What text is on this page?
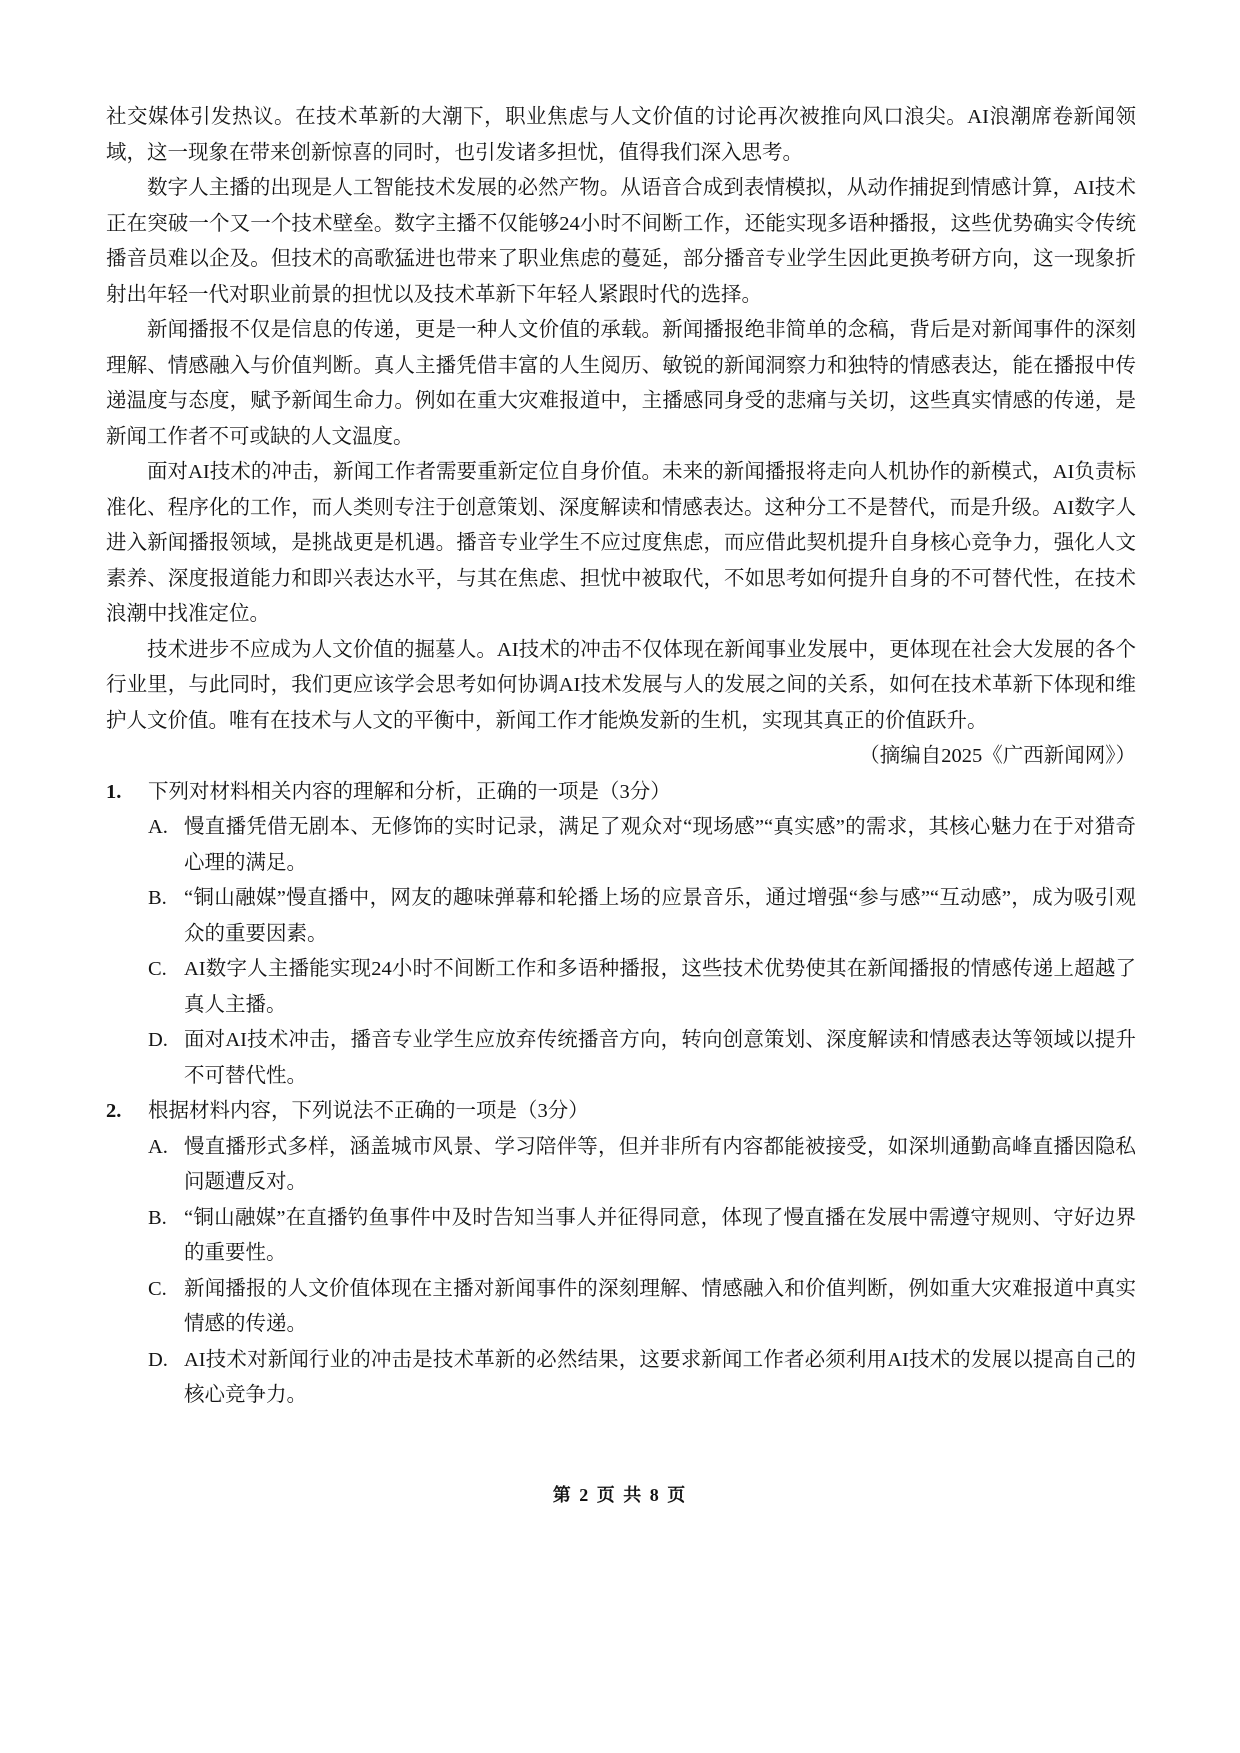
社交媒体引发热议。在技术革新的大潮下，职业焦虑与人文价值的讨论再次被推向风口浪尖。AI浪潮席卷新闻领域，这一现象在带来创新惊喜的同时，也引发诸多担忧，值得我们深入思考。

数字人主播的出现是人工智能技术发展的必然产物。从语音合成到表情模拟，从动作捕捉到情感计算，AI技术正在突破一个又一个技术壁垒。数字主播不仅能够24小时不间断工作，还能实现多语种播报，这些优势确实令传统播音员难以企及。但技术的高歌猛进也带来了职业焦虑的蔓延，部分播音专业学生因此更换考研方向，这一现象折射出年轻一代对职业前景的担忧以及技术革新下年轻人紧跟时代的选择。

新闻播报不仅是信息的传递，更是一种人文价值的承载。新闻播报绝非简单的念稿，背后是对新闻事件的深刻理解、情感融入与价值判断。真人主播凭借丰富的人生阅历、敏锐的新闻洞察力和独特的情感表达，能在播报中传递温度与态度，赋予新闻生命力。例如在重大灾难报道中，主播感同身受的悲痛与关切，这些真实情感的传递，是新闻工作者不可或缺的人文温度。

面对AI技术的冲击，新闻工作者需要重新定位自身价值。未来的新闻播报将走向人机协作的新模式，AI负责标准化、程序化的工作，而人类则专注于创意策划、深度解读和情感表达。这种分工不是替代，而是升级。AI数字人进入新闻播报领域，是挑战更是机遇。播音专业学生不应过度焦虑，而应借此契机提升自身核心竞争力，强化人文素养、深度报道能力和即兴表达水平，与其在焦虑、担忧中被取代，不如思考如何提升自身的不可替代性，在技术浪潮中找准定位。

技术进步不应成为人文价值的掘墓人。AI技术的冲击不仅体现在新闻事业发展中，更体现在社会大发展的各个行业里，与此同时，我们更应该学会思考如何协调AI技术发展与人的发展之间的关系，如何在技术革新下体现和维护人文价值。唯有在技术与人文的平衡中，新闻工作才能焕发新的生机，实现其真正的价值跃升。

（摘编自2025《广西新闻网》）

1.	下列对材料相关内容的理解和分析，正确的一项是（3分）
A. 慢直播凭借无剧本、无修饰的实时记录，满足了观众对“现场感”“真实感”的需求，其核心魅力在于对猎奇心理的满足。
B. “铜山融媒”慢直播中，网友的趣味弹幕和轮播上场的应景音乐，通过增强“参与感”“互动感”，成为吸引观众的重要因素。
C. AI数字人主播能实现24小时不间断工作和多语种播报，这些技术优势使其在新闻播报的情感传递上超越了真人主播。
D. 面对AI技术冲击，播音专业学生应放弃传统播音方向，转向创意策划、深度解读和情感表达等领域以提升不可替代性。
2.	根据材料内容，下列说法不正确的一项是（3分）
A. 慢直播形式多样，涵盖城市风景、学习陪伴等，但并非所有内容都能被接受，如深圳通勤高峰直播因隐私问题遭反对。
B. “铜山融媒”在直播钓鱼事件中及时告知当事人并征得同意，体现了慢直播在发展中需遵守规则、守好边界的重要性。
C. 新闻播报的人文价值体现在主播对新闻事件的深刻理解、情感融入和价值判断，例如重大灾难报道中真实情感的传递。
D. AI技术对新闻行业的冲击是技术革新的必然结果，这要求新闻工作者必须利用AI技术的发展以提高自己的核心竞争力。
第 2 页 共 8 页
